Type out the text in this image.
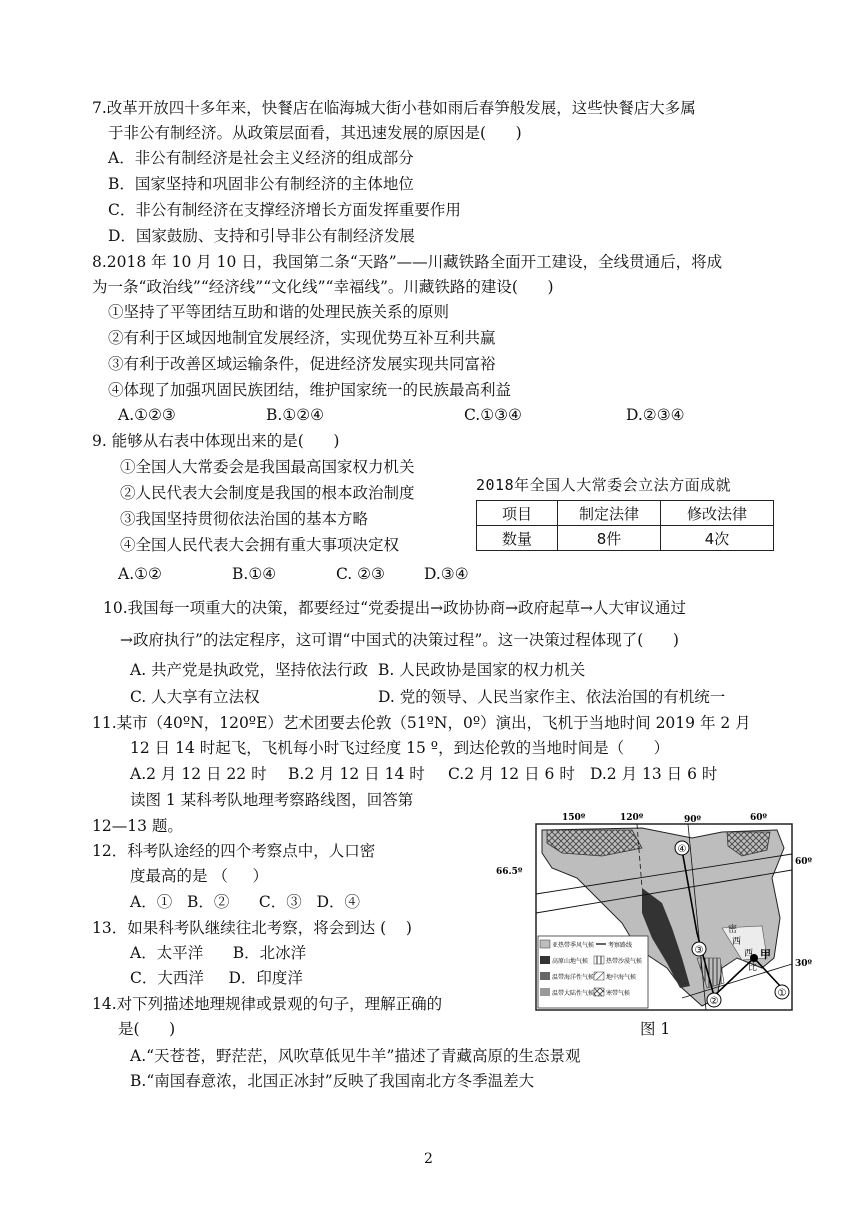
7.改革开放四十多年来，快餐店在临海城大街小巷如雨后春笋般发展，这些快餐店大多属
于非公有制经济。从政策层面看，其迅速发展的原因是(      )
A．非公有制经济是社会主义经济的组成部分
B．国家坚持和巩固非公有制经济的主体地位
C．非公有制经济在支撑经济增长方面发挥重要作用
D．国家鼓励、支持和引导非公有制经济发展
8.2018 年 10 月 10 日，我国第二条“天路”——川藏铁路全面开工建设，全线贯通后，将成
为一条“政治线”“经济线”“文化线”“幸福线”。川藏铁路的建设(      )
①坚持了平等团结互助和谐的处理民族关系的原则
②有利于区域因地制宜发展经济，实现优势互补互利共赢
③有利于改善区域运输条件，促进经济发展实现共同富裕
④体现了加强巩固民族团结，维护国家统一的民族最高利益
A.①②③	B.①②④	C.①③④	D.②③④
9. 能够从右表中体现出来的是(      )
①全国人大常委会是我国最高国家权力机关
②人民代表大会制度是我国的根本政治制度
③我国坚持贯彻依法治国的基本方略
④全国人民代表大会拥有重大事项决定权
A.①②	B.①④	C. ②③	D.③④
2018年全国人大常委会立法方面成就
项目	制定法律	修改法律
数量	8件	4次
10.我国每一项重大的决策，都要经过“党委提出→政协协商→政府起草→人大审议通过
→政府执行”的法定程序，这可谓“中国式的决策过程”。这一决策过程体现了(      )
A. 共产党是执政党，坚持依法行政 B. 人民政协是国家的权力机关
C. 人大享有立法权	D. 党的领导、人民当家作主、依法治国的有机统一
11.某市（40ºN，120ºE）艺术团要去伦敦（51ºN，0º）演出，飞机于当地时间 2019 年 2 月
12 日 14 时起飞，飞机每小时飞过经度 15 º，到达伦敦的当地时间是（      ）
A.2 月 12 日 22 时 B.2 月 12 日 14 时 C.2 月 12 日 6 时 D.2 月 13 日 6 时
读图 1 某科考队地理考察路线图，回答第
12—13 题。
12．科考队途经的四个考察点中，人口密
度最高的是 （     ）
A．①   B．②      C．③   D．④
13．如果科考队继续往北考察，将会到达 (    )
A．太平洋      B．北冰洋
C．大西洋     D．印度洋
14.对下列描述地理规律或景观的句子，理解正确的
是(      )
A.“天苍苍，野茫茫，风吹草低见牛羊”描述了青藏高原的生态景观
B.“南国春意浓，北国正冰封”反映了我国南北方冬季温差大
①
②
③
④
甲
密
西
西
比
150º	120º	90º	60º
66.5º
60º
30º
亚热带季风气候 考察路线
高原山地气候	热带沙漠气候
温带海洋性气候 地中海气候
温带大陆性气候 寒带气候
图 1
2
